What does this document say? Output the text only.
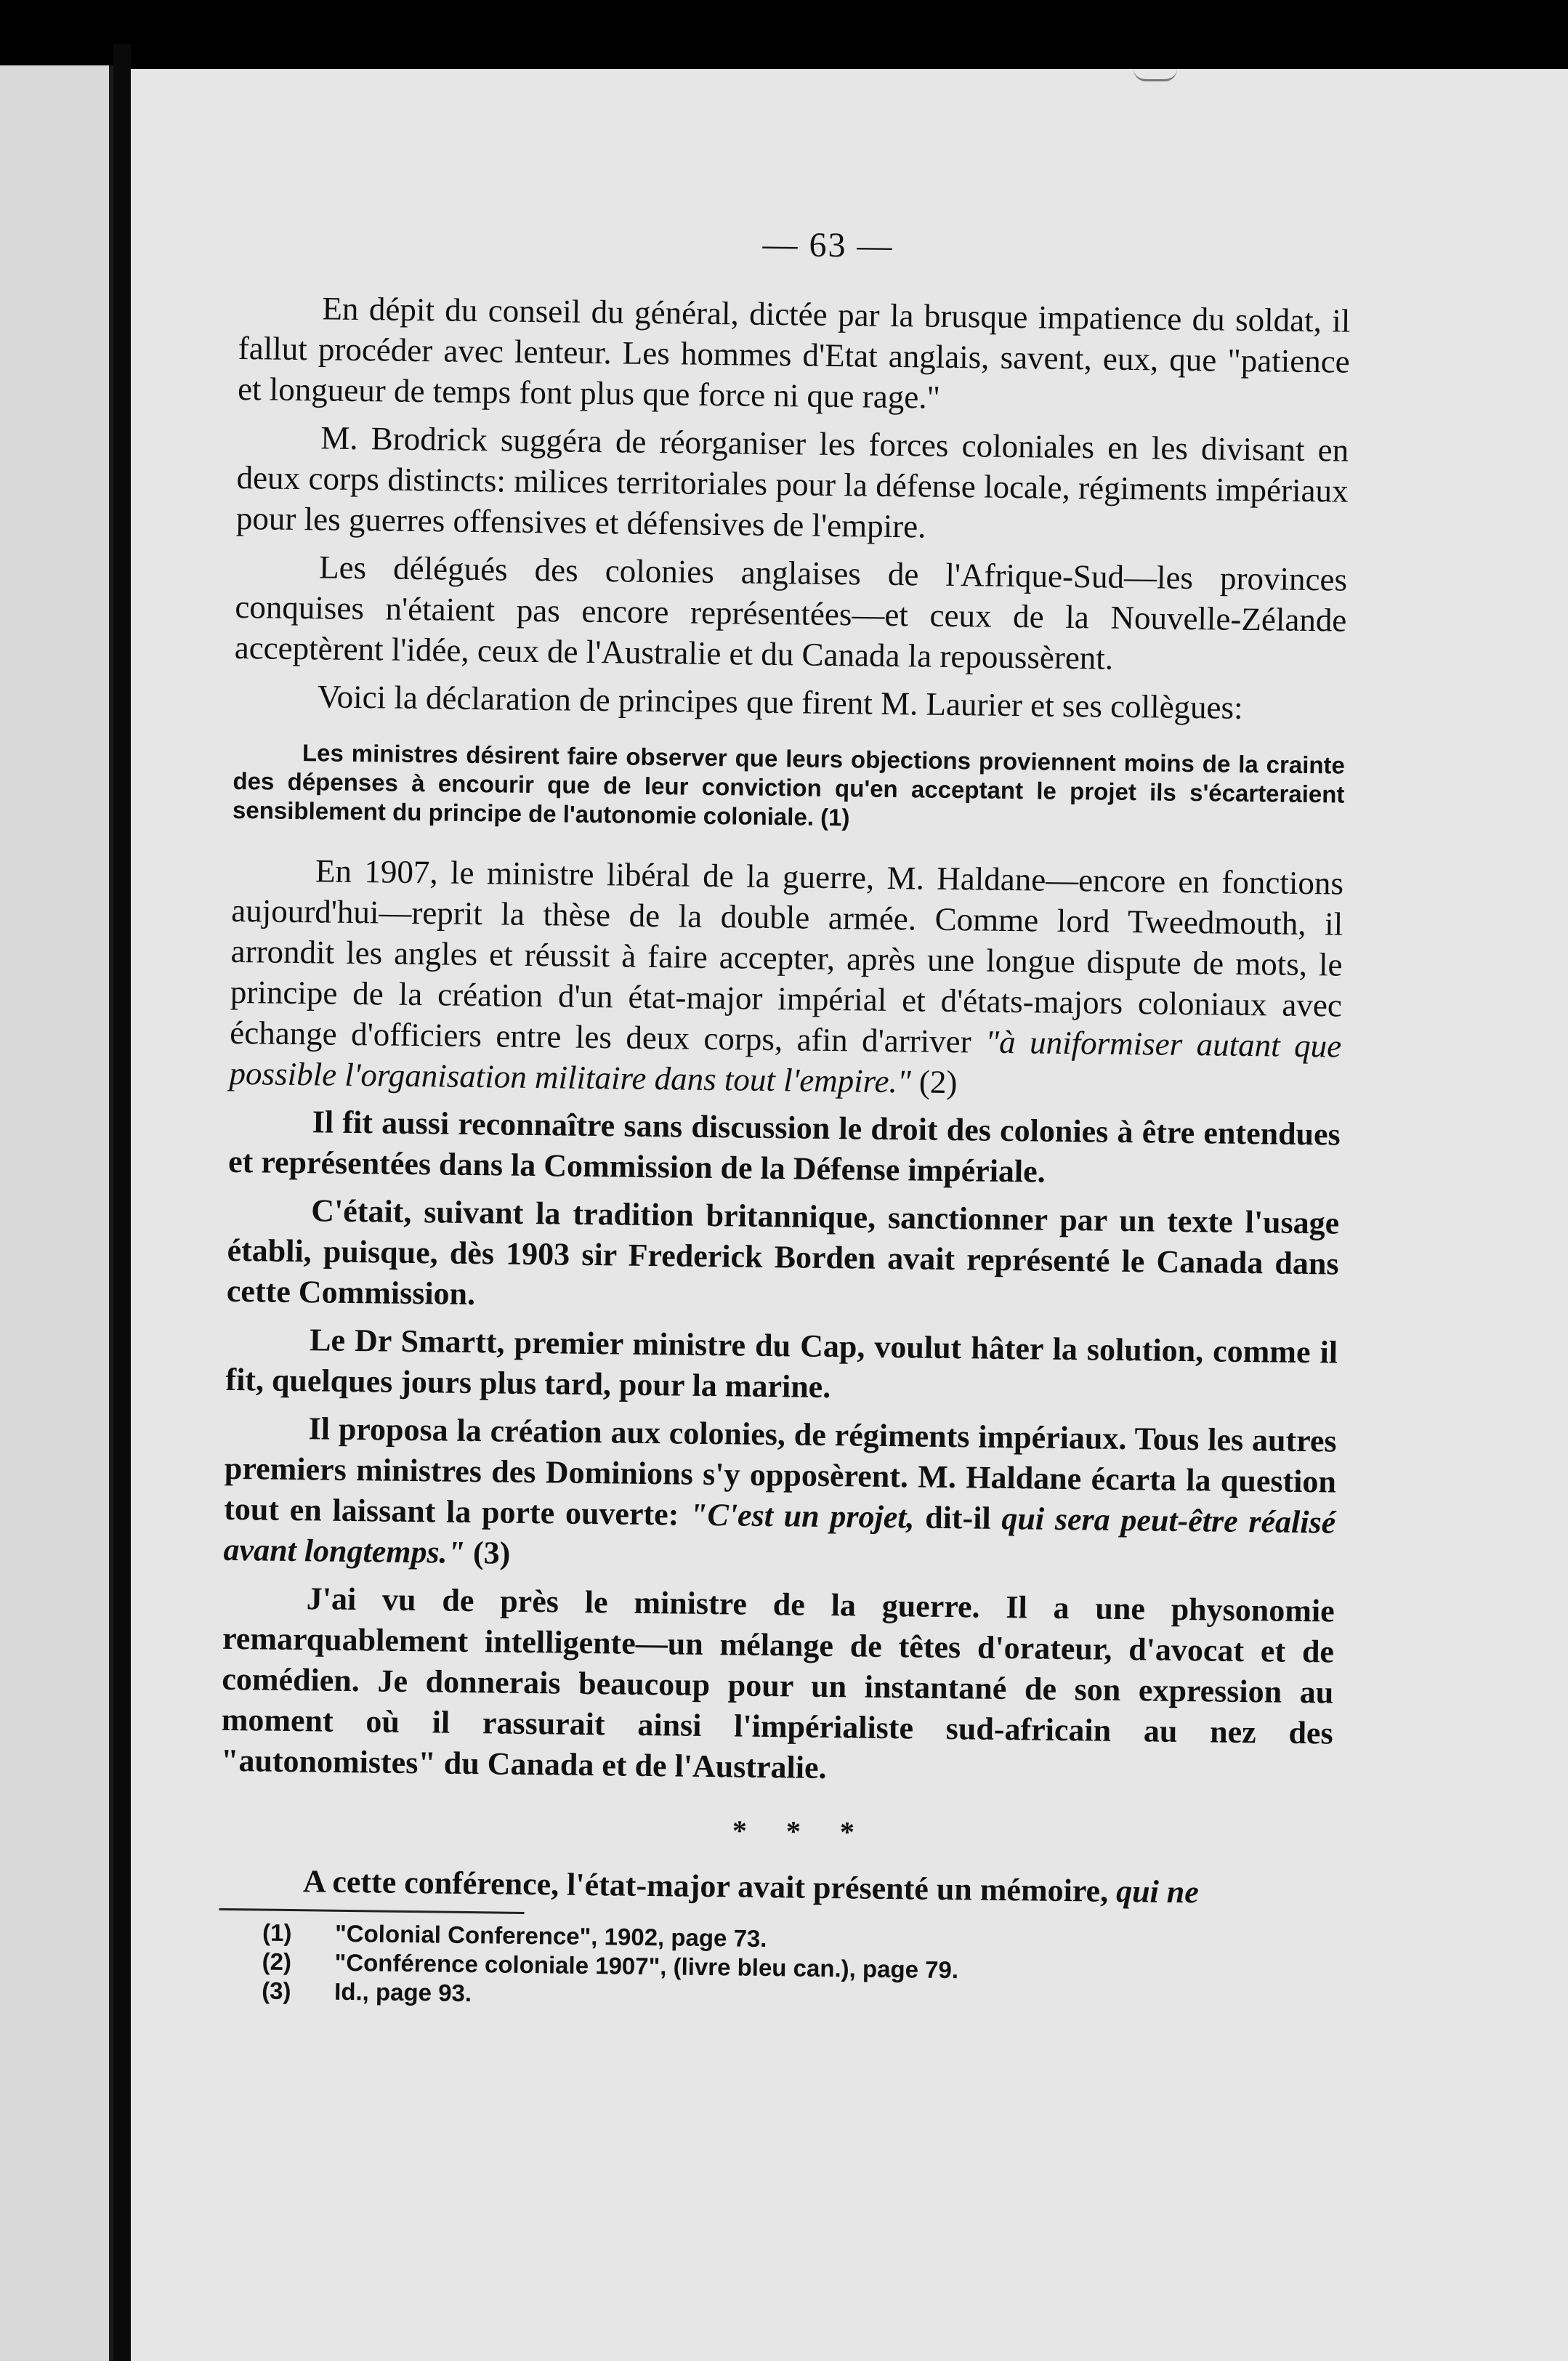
— 63 —

En dépit du conseil du général, dictée par la brusque impatience du soldat, il fallut procéder avec lenteur. Les hommes d'Etat anglais, savent, eux, que "patience et longueur de temps font plus que force ni que rage."

M. Brodrick suggéra de réorganiser les forces coloniales en les divisant en deux corps distincts: milices territoriales pour la défense locale, régiments impériaux pour les guerres offensives et défensives de l'empire.

Les délégués des colonies anglaises de l'Afrique-Sud—les provinces conquises n'étaient pas encore représentées—et ceux de la Nouvelle-Zélande acceptèrent l'idée, ceux de l'Australie et du Canada la repoussèrent.

Voici la déclaration de principes que firent M. Laurier et ses collègues:

Les ministres désirent faire observer que leurs objections proviennent moins de la crainte des dépenses à encourir que de leur conviction qu'en acceptant le projet ils s'écarteraient sensiblement du principe de l'autonomie coloniale. (1)

En 1907, le ministre libéral de la guerre, M. Haldane—encore en fonctions aujourd'hui—reprit la thèse de la double armée. Comme lord Tweedmouth, il arrondit les angles et réussit à faire accepter, après une longue dispute de mots, le principe de la création d'un état-major impérial et d'états-majors coloniaux avec échange d'officiers entre les deux corps, afin d'arriver "à uniformiser autant que possible l'organisation militaire dans tout l'empire." (2)

Il fit aussi reconnaître sans discussion le droit des colonies à être entendues et représentées dans la Commission de la Défense impériale.

C'était, suivant la tradition britannique, sanctionner par un texte l'usage établi, puisque, dès 1903 sir Frederick Borden avait représenté le Canada dans cette Commission.

Le Dr Smartt, premier ministre du Cap, voulut hâter la solution, comme il fit, quelques jours plus tard, pour la marine.

Il proposa la création aux colonies, de régiments impériaux. Tous les autres premiers ministres des Dominions s'y opposèrent. M. Haldane écarta la question tout en laissant la porte ouverte: "C'est un projet, dit-il qui sera peut-être réalisé avant longtemps." (3)

J'ai vu de près le ministre de la guerre. Il a une physonomie remarquablement intelligente—un mélange de têtes d'orateur, d'avocat et de comédien. Je donnerais beaucoup pour un instantané de son expression au moment où il rassurait ainsi l'impérialiste sud-africain au nez des "autonomistes" du Canada et de l'Australie.

* * *

A cette conférence, l'état-major avait présenté un mémoire, qui ne

(1) "Colonial Conference", 1902, page 73.
(2) "Conférence coloniale 1907", (livre bleu can.), page 79.
(3) Id., page 93.
